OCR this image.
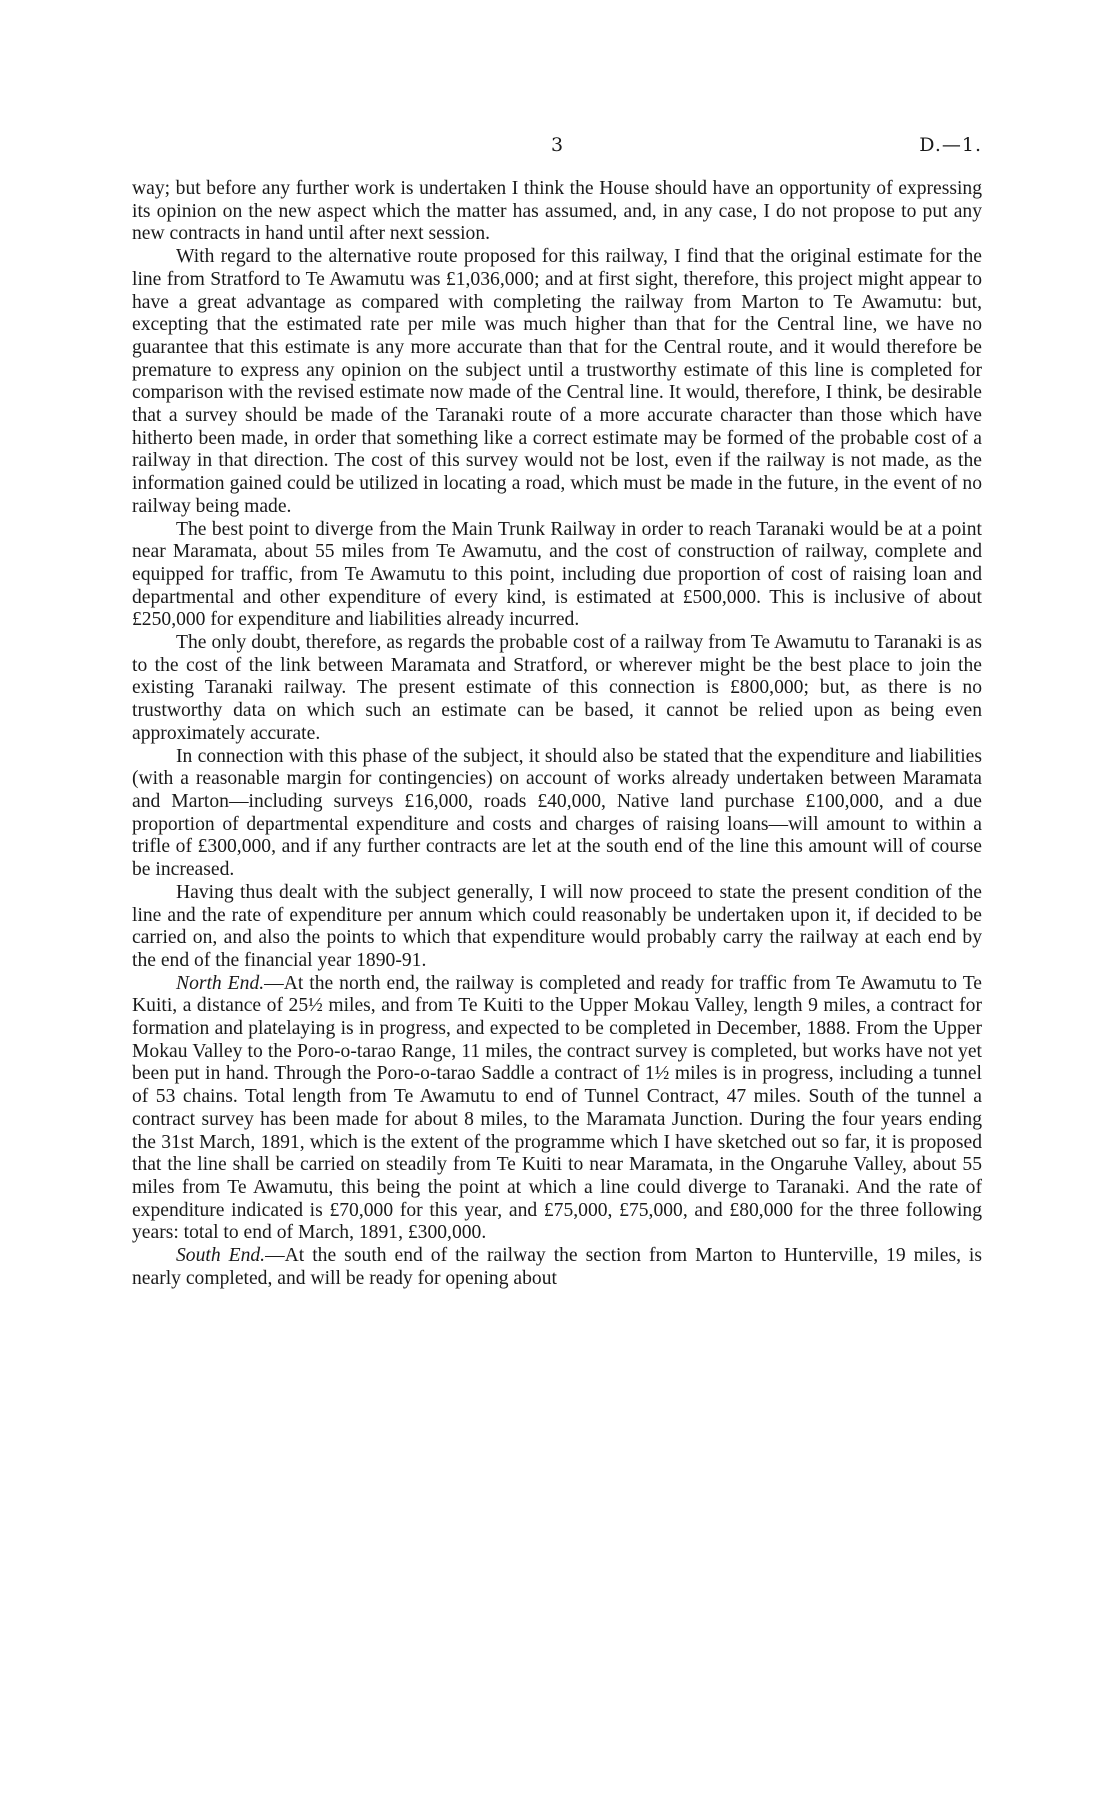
3	D.—1.

way; but before any further work is undertaken I think the House should have an opportunity of expressing its opinion on the new aspect which the matter has assumed, and, in any case, I do not propose to put any new contracts in hand until after next session.

With regard to the alternative route proposed for this railway, I find that the original estimate for the line from Stratford to Te Awamutu was £1,036,000; and at first sight, therefore, this project might appear to have a great advantage as compared with completing the railway from Marton to Te Awamutu: but, excepting that the estimated rate per mile was much higher than that for the Central line, we have no guarantee that this estimate is any more accurate than that for the Central route, and it would therefore be premature to express any opinion on the subject until a trustworthy estimate of this line is completed for comparison with the revised estimate now made of the Central line. It would, therefore, I think, be desirable that a survey should be made of the Taranaki route of a more accurate character than those which have hitherto been made, in order that something like a correct estimate may be formed of the probable cost of a railway in that direction. The cost of this survey would not be lost, even if the railway is not made, as the information gained could be utilized in locating a road, which must be made in the future, in the event of no railway being made.

The best point to diverge from the Main Trunk Railway in order to reach Taranaki would be at a point near Maramata, about 55 miles from Te Awamutu, and the cost of construction of railway, complete and equipped for traffic, from Te Awamutu to this point, including due proportion of cost of raising loan and departmental and other expenditure of every kind, is estimated at £500,000. This is inclusive of about £250,000 for expenditure and liabilities already incurred.

The only doubt, therefore, as regards the probable cost of a railway from Te Awamutu to Taranaki is as to the cost of the link between Maramata and Stratford, or wherever might be the best place to join the existing Taranaki railway. The present estimate of this connection is £800,000; but, as there is no trustworthy data on which such an estimate can be based, it cannot be relied upon as being even approximately accurate.

In connection with this phase of the subject, it should also be stated that the expenditure and liabilities (with a reasonable margin for contingencies) on account of works already undertaken between Maramata and Marton—including surveys £16,000, roads £40,000, Native land purchase £100,000, and a due proportion of departmental expenditure and costs and charges of raising loans—will amount to within a trifle of £300,000, and if any further contracts are let at the south end of the line this amount will of course be increased.

Having thus dealt with the subject generally, I will now proceed to state the present condition of the line and the rate of expenditure per annum which could reasonably be undertaken upon it, if decided to be carried on, and also the points to which that expenditure would probably carry the railway at each end by the end of the financial year 1890-91.

North End.—At the north end, the railway is completed and ready for traffic from Te Awamutu to Te Kuiti, a distance of 25½ miles, and from Te Kuiti to the Upper Mokau Valley, length 9 miles, a contract for formation and platelaying is in progress, and expected to be completed in December, 1888. From the Upper Mokau Valley to the Poro-o-tarao Range, 11 miles, the contract survey is completed, but works have not yet been put in hand. Through the Poro-o-tarao Saddle a contract of 1½ miles is in progress, including a tunnel of 53 chains. Total length from Te Awamutu to end of Tunnel Contract, 47 miles. South of the tunnel a contract survey has been made for about 8 miles, to the Maramata Junction. During the four years ending the 31st March, 1891, which is the extent of the programme which I have sketched out so far, it is proposed that the line shall be carried on steadily from Te Kuiti to near Maramata, in the Ongaruhe Valley, about 55 miles from Te Awamutu, this being the point at which a line could diverge to Taranaki. And the rate of expenditure indicated is £70,000 for this year, and £75,000, £75,000, and £80,000 for the three following years: total to end of March, 1891, £300,000.

South End.—At the south end of the railway the section from Marton to Hunterville, 19 miles, is nearly completed, and will be ready for opening about
